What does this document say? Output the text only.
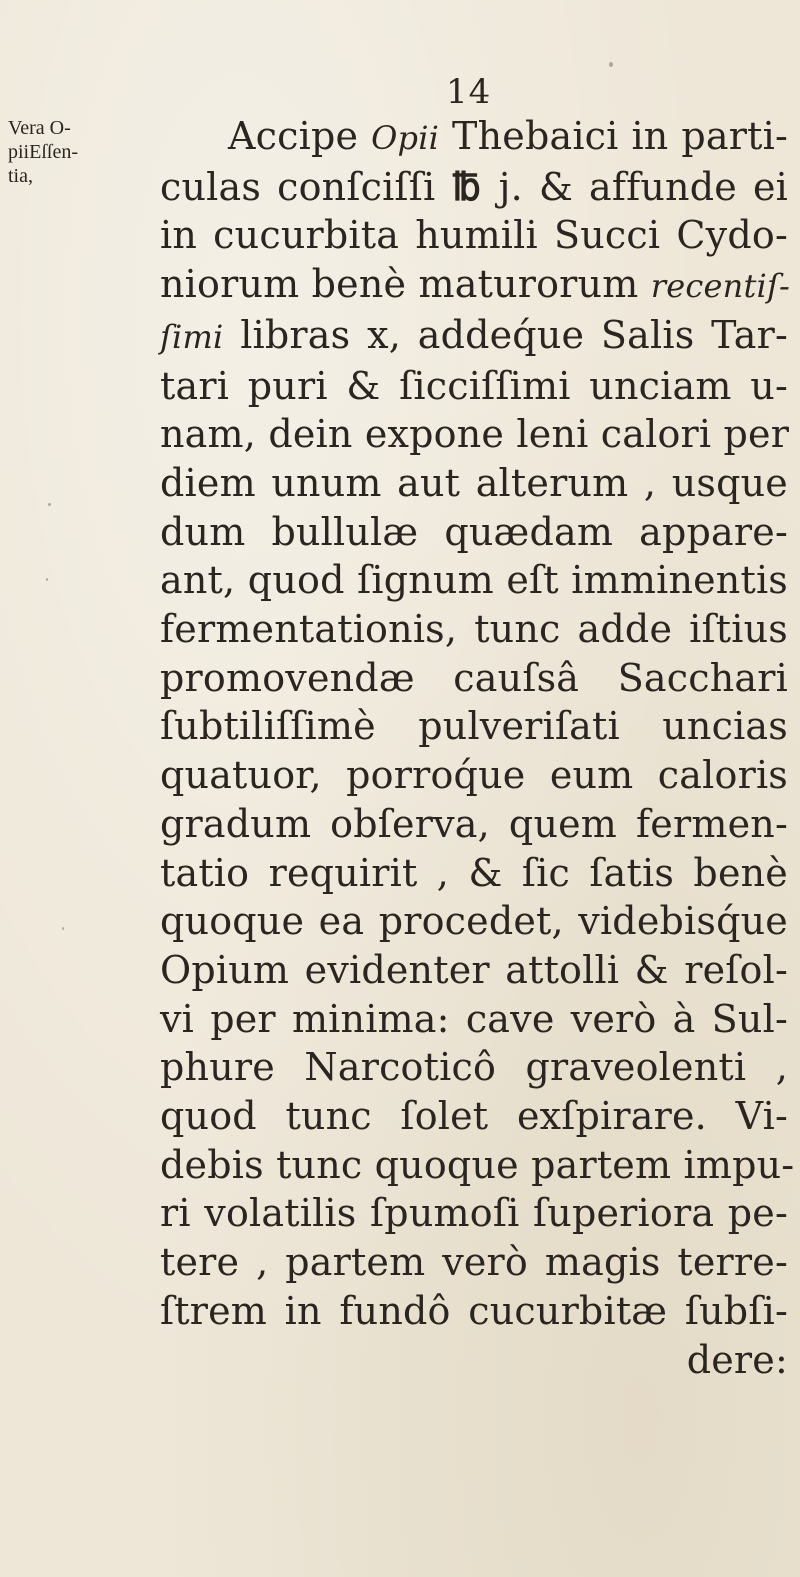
14
Vera O-
piiEſſen-
tia,
Accipe Opii Thebaici in parti-
culas conſciſſi ℔ j. & affunde ei
in cucurbita humili Succi Cydo-
niorum benè maturorum recentiſ-
ſimi libras x, addeq́ue Salis Tar-
tari puri & ſicciſſimi unciam u-
nam, dein expone leni calori per
diem unum aut alterum , usque
dum bullulæ quædam appare-
ant, quod ſignum eſt imminentis
fermentationis, tunc adde iſtius
promovendæ cauſsâ Sacchari
ſubtiliſſimè pulveriſati uncias
quatuor, porroq́ue eum caloris
gradum obſerva, quem fermen-
tatio requirit , & ſic ſatis benè
quoque ea procedet, videbisq́ue
Opium evidenter attolli & reſol-
vi per minima: cave verò à Sul-
phure Narcoticô graveolenti ,
quod tunc ſolet exſpirare. Vi-
debis tunc quoque partem impu-
ri volatilis ſpumoſi ſuperiora pe-
tere , partem verò magis terre-
ſtrem in fundô cucurbitæ ſubſi-
dere:
